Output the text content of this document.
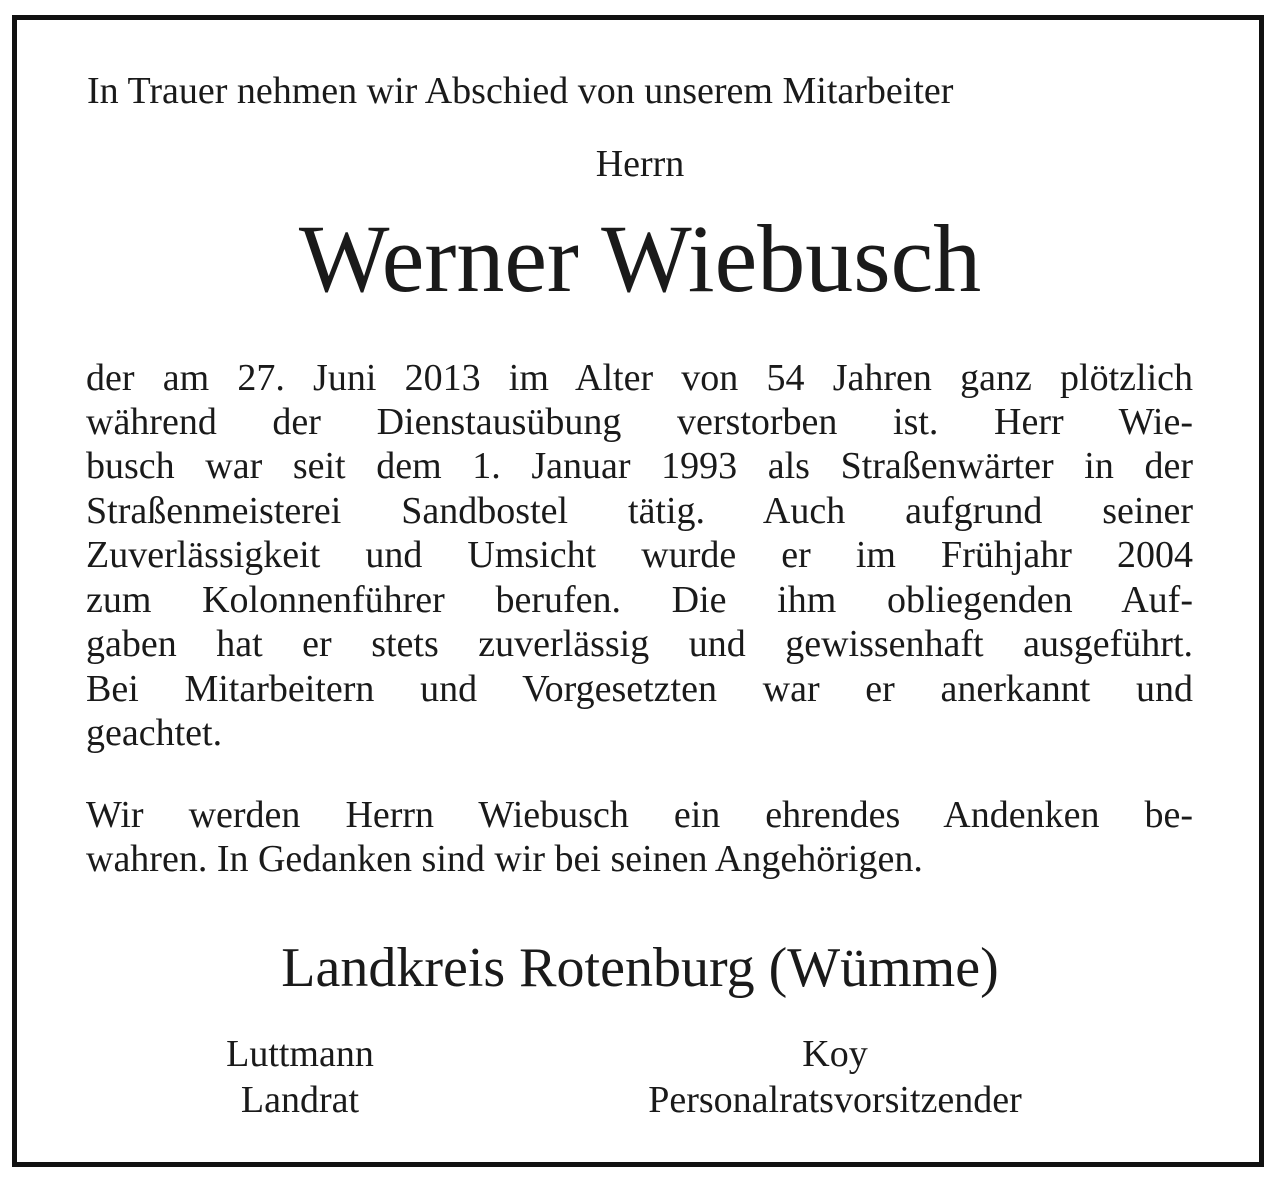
In Trauer nehmen wir Abschied von unserem Mitarbeiter
Herrn
Werner Wiebusch
der am 27. Juni 2013 im Alter von 54 Jahren ganz plötzlich
während der Dienstausübung verstorben ist. Herr Wie-
busch war seit dem 1. Januar 1993 als Straßenwärter in der
Straßenmeisterei Sandbostel tätig. Auch aufgrund seiner
Zuverlässigkeit und Umsicht wurde er im Frühjahr 2004
zum Kolonnenführer berufen. Die ihm obliegenden Auf-
gaben hat er stets zuverlässig und gewissenhaft ausgeführt.
Bei Mitarbeitern und Vorgesetzten war er anerkannt und
geachtet.
Wir werden Herrn Wiebusch ein ehrendes Andenken be-
wahren. In Gedanken sind wir bei seinen Angehörigen.
Landkreis Rotenburg (Wümme)
Luttmann
Landrat
Koy
Personalratsvorsitzender
